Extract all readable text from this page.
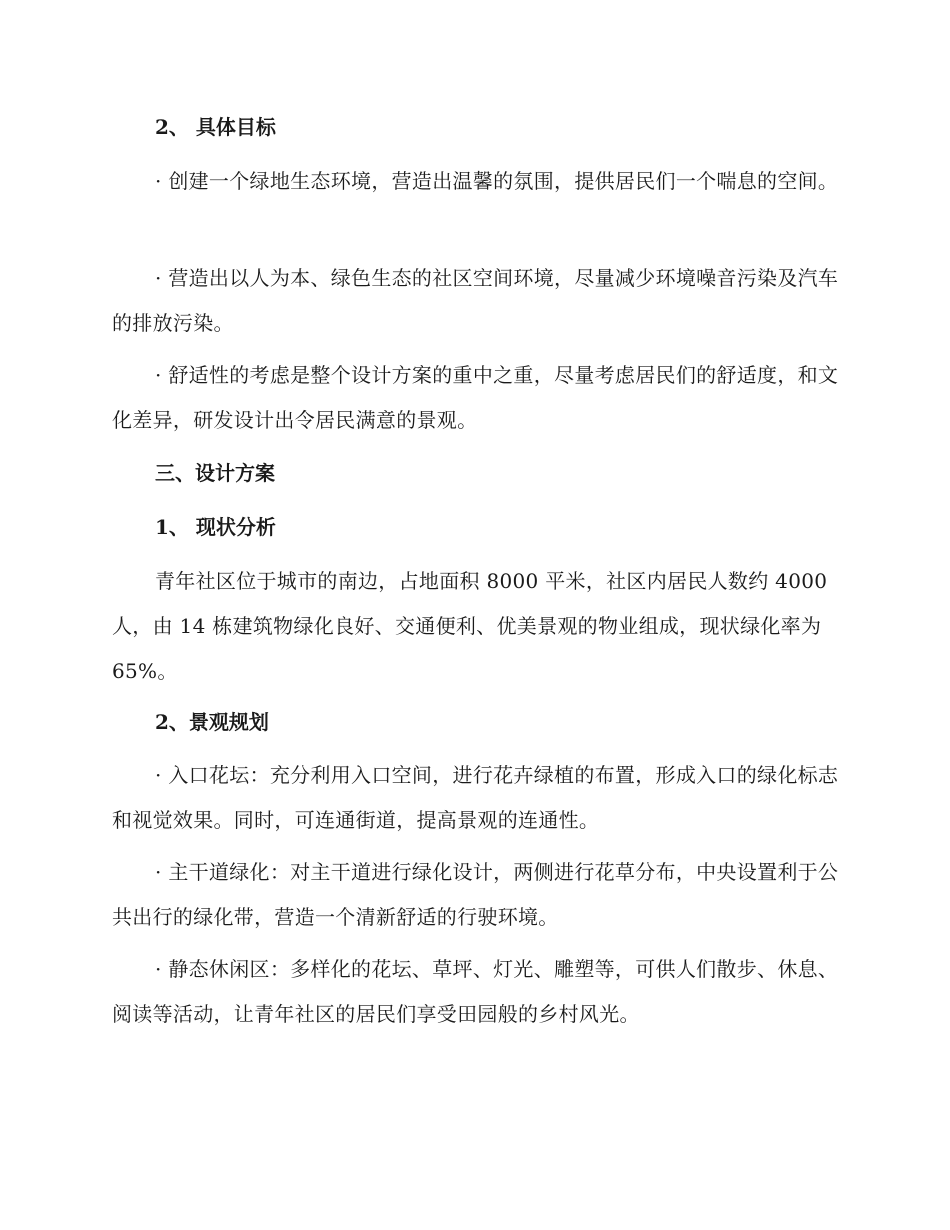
2、 具体目标

· 创建一个绿地生态环境，营造出温馨的氛围，提供居民们一个喘息的空间。

· 营造出以人为本、绿色生态的社区空间环境，尽量减少环境噪音污染及汽车的排放污染。

· 舒适性的考虑是整个设计方案的重中之重，尽量考虑居民们的舒适度，和文化差异，研发设计出令居民满意的景观。

三、设计方案
1、 现状分析

青年社区位于城市的南边，占地面积 8000 平米，社区内居民人数约 4000 人，由 14 栋建筑物绿化良好、交通便利、优美景观的物业组成，现状绿化率为 65%。

2、景观规划

· 入口花坛：充分利用入口空间，进行花卉绿植的布置，形成入口的绿化标志和视觉效果。同时，可连通街道，提高景观的连通性。

· 主干道绿化：对主干道进行绿化设计，两侧进行花草分布，中央设置利于公共出行的绿化带，营造一个清新舒适的行驶环境。

· 静态休闲区：多样化的花坛、草坪、灯光、雕塑等，可供人们散步、休息、阅读等活动，让青年社区的居民们享受田园般的乡村风光。
